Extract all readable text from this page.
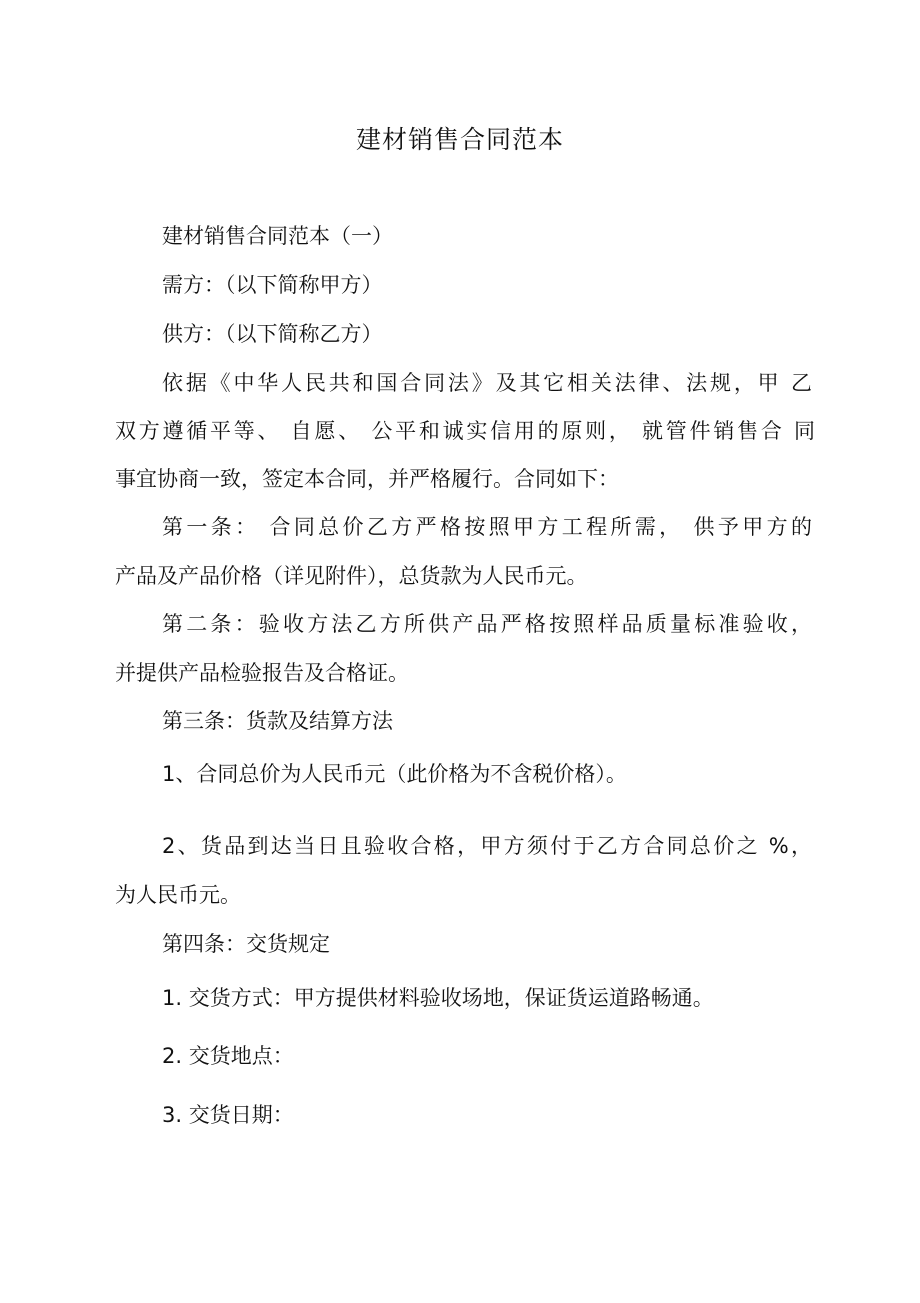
建材销售合同范本

建材销售合同范本（一）

需方：（以下简称甲方）

供方：（以下简称乙方）

依据《中华人民共和国合同法》及其它相关法律、法规，甲 乙

双方遵循平等、 自愿、 公平和诚实信用的原则， 就管件销售合 同

事宜协商一致，签定本合同，并严格履行。合同如下：

第一条： 合同总价乙方严格按照甲方工程所需， 供予甲方的

产品及产品价格（详见附件），总货款为人民币元。

第二条：验收方法乙方所供产品严格按照样品质量标准验收，

并提供产品检验报告及合格证。

第三条：货款及结算方法

1、合同总价为人民币元（此价格为不含税价格）。

2、货品到达当日且验收合格，甲方须付于乙方合同总价之 %，

为人民币元。

第四条：交货规定

1. 交货方式：甲方提供材料验收场地，保证货运道路畅通。

2. 交货地点：

3. 交货日期：
